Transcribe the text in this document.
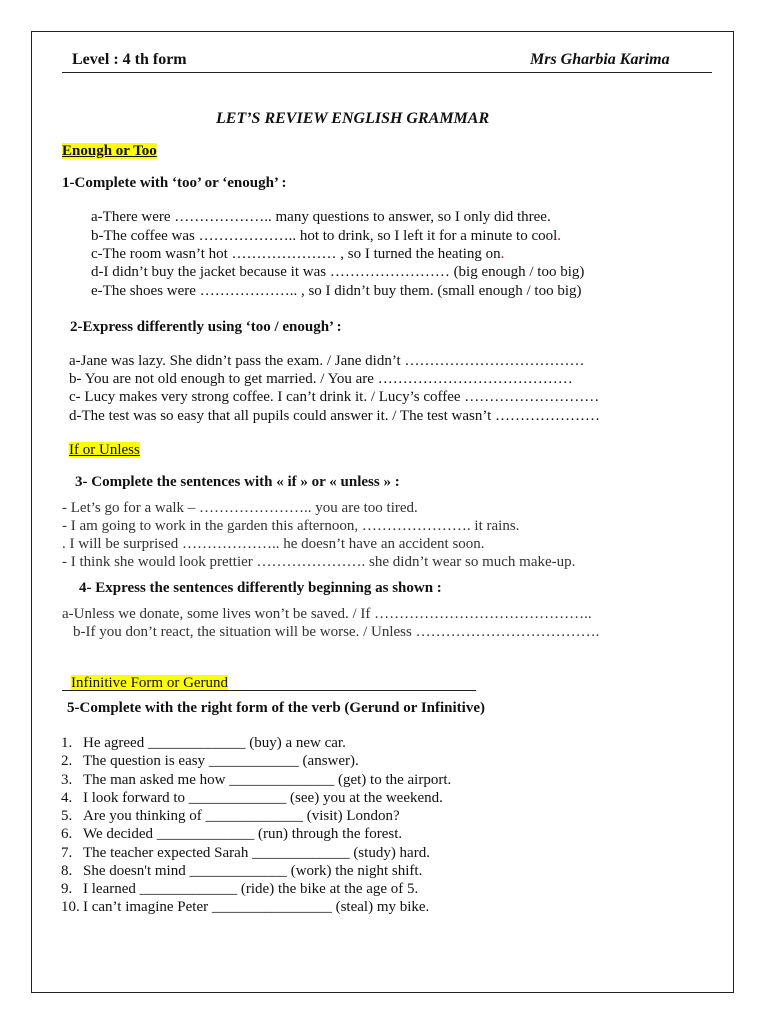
Level : 4 th form	Mrs Gharbia Karima
LET’S REVIEW ENGLISH GRAMMAR
Enough or Too
1-Complete with ‘too’ or ‘enough’ :
a-There were ……………….. many questions to answer, so I only did three.
b-The coffee was ……………….. hot to drink, so I left it for a minute to cool.
c-The room wasn’t hot ………………… , so I turned the heating on.
d-I didn’t buy the jacket because it was …………………… (big enough / too big)
e-The shoes were ……………….. , so I didn’t buy them. (small enough / too big)
2-Express differently using ‘too / enough’ :
a-Jane was lazy. She didn’t pass the exam. / Jane didn’t ………………………………
b- You are not old enough to get married. / You are …………………………………
c- Lucy makes very strong coffee. I can’t drink it. / Lucy’s coffee ………………………
d-The test was so easy that all pupils could answer it. / The test wasn’t …………………
If or Unless
3- Complete the sentences with « if » or « unless » :
- Let’s go for a walk – ………………….. you are too tired.
- I am going to work in the garden this afternoon, …………………. it rains.
. I will be surprised ……………….. he doesn’t have an accident soon.
- I think she would look prettier …………………. she didn’t wear so much make-up.
4- Express the sentences differently beginning as shown :
a-Unless we donate, some lives won’t be saved. / If ……………………………………..
b-If you don’t react, the situation will be worse. / Unless ……………………………….
Infinitive Form or Gerund
5-Complete with the right form of the verb (Gerund or Infinitive)
1. He agreed _____________ (buy) a new car.
2. The question is easy ____________ (answer).
3. The man asked me how ______________ (get) to the airport.
4. I look forward to _____________ (see) you at the weekend.
5. Are you thinking of _____________ (visit) London?
6. We decided _____________ (run) through the forest.
7. The teacher expected Sarah _____________ (study) hard.
8. She doesn't mind _____________ (work) the night shift.
9. I learned _____________ (ride) the bike at the age of 5.
10. I can’t imagine Peter ________________ (steal) my bike.
